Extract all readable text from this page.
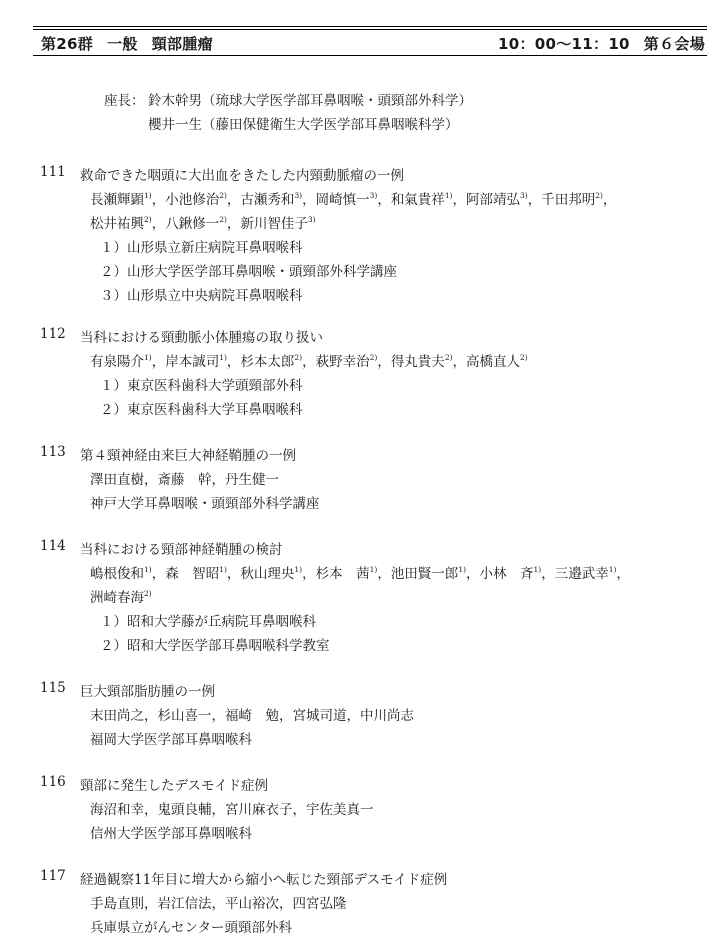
第26群 一般 頸部腫瘤	10：00～11：10 第６会場
座長： 鈴木幹男（琉球大学医学部耳鼻咽喉・頭頸部外科学）
櫻井一生（藤田保健衛生大学医学部耳鼻咽喉科学）
111 救命できた咽頭に大出血をきたした内頸動脈瘤の一例
長瀬輝顕$^{1)}$，小池修治$^{2)}$，古瀬秀和$^{3)}$，岡崎慎一$^{3)}$，和氣貴祥$^{1)}$，阿部靖弘$^{3)}$，千田邦明$^{2)}$，
松井祐興$^{2)}$，八鍬修一$^{2)}$，新川智佳子$^{3)}$
１）山形県立新庄病院耳鼻咽喉科
２）山形大学医学部耳鼻咽喉・頭頸部外科学講座
３）山形県立中央病院耳鼻咽喉科
112 当科における頸動脈小体腫瘍の取り扱い
有泉陽介$^{1)}$，岸本誠司$^{1)}$，杉本太郎$^{2)}$，萩野幸治$^{2)}$，得丸貴夫$^{2)}$，高橋直人$^{2)}$
１）東京医科歯科大学頭頸部外科
２）東京医科歯科大学耳鼻咽喉科
113 第４頸神経由来巨大神経鞘腫の一例
澤田直樹，斎藤　幹，丹生健一
神戸大学耳鼻咽喉・頭頸部外科学講座
114 当科における頸部神経鞘腫の検討
嶋根俊和$^{1)}$，森　智昭$^{1)}$，秋山理央$^{1)}$，杉本　茜$^{1)}$，池田賢一郎$^{1)}$，小林　斉$^{1)}$，三邉武幸$^{1)}$，
洲崎春海$^{2)}$
１）昭和大学藤が丘病院耳鼻咽喉科
２）昭和大学医学部耳鼻咽喉科学教室
115 巨大頸部脂肪腫の一例
末田尚之，杉山喜一，福崎　勉，宮城司道，中川尚志
福岡大学医学部耳鼻咽喉科
116 頸部に発生したデスモイド症例
海沼和幸，鬼頭良輔，宮川麻衣子，宇佐美真一
信州大学医学部耳鼻咽喉科
117 経過観察11年目に増大から縮小へ転じた頸部デスモイド症例
手島直則，岩江信法，平山裕次，四宮弘隆
兵庫県立がんセンター頭頸部外科
